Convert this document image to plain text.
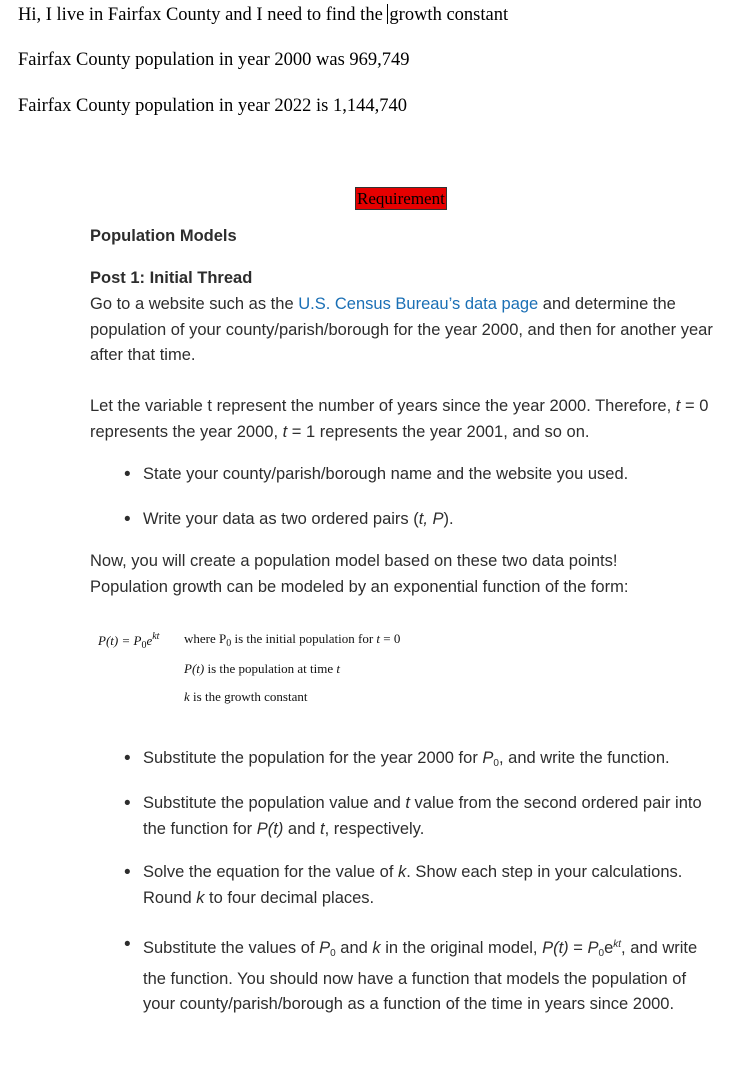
Hi, I live in Fairfax County and I need to find the growth constant
Fairfax County population in year 2000 was 969,749
Fairfax County population in year 2022 is 1,144,740
Requirement
Population Models
Post 1: Initial Thread
Go to a website such as the U.S. Census Bureau’s data page and determine the population of your county/parish/borough for the year 2000, and then for another year after that time.
Let the variable t represent the number of years since the year 2000. Therefore, t = 0 represents the year 2000, t = 1 represents the year 2001, and so on.
• State your county/parish/borough name and the website you used.
• Write your data as two ordered pairs (t, P).
Now, you will create a population model based on these two data points! Population growth can be modeled by an exponential function of the form:
$P(t) = P_0e^{kt}$ where $P_0$ is the initial population for t = 0
P(t) is the population at time t
k is the growth constant
• Substitute the population for the year 2000 for $P_0$, and write the function.
• Substitute the population value and t value from the second ordered pair into the function for P(t) and t, respectively.
• Solve the equation for the value of k. Show each step in your calculations. Round k to four decimal places.
• Substitute the values of $P_0$ and k in the original model, $P(t) = P_0e^{kt}$, and write the function. You should now have a function that models the population of your county/parish/borough as a function of the time in years since 2000.
